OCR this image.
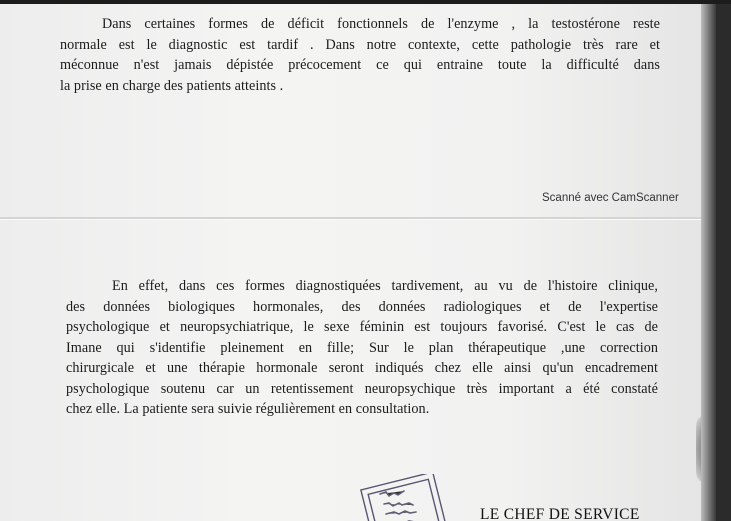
Dans certaines formes de déficit fonctionnels de l'enzyme , la testostérone reste
normale est le diagnostic est tardif . Dans notre contexte, cette pathologie très rare et
méconnue n'est jamais dépistée précocement ce qui entraine toute la difficulté dans
la prise en charge des patients atteints .
Scanné avec CamScanner
En effet, dans ces formes diagnostiquées tardivement, au vu de l'histoire clinique,
des données biologiques hormonales, des données radiologiques et de l'expertise
psychologique et neuropsychiatrique, le sexe féminin est toujours favorisé. C'est le cas de
Imane qui s'identifie pleinement en fille; Sur le plan thérapeutique ,une correction
chirurgicale et une thérapie hormonale seront indiqués chez elle ainsi qu'un encadrement
psychologique soutenu car un retentissement neuropsychique très important a été constaté
chez elle. La patiente sera suivie régulièrement en consultation.
LE CHEF DE SERVICE
